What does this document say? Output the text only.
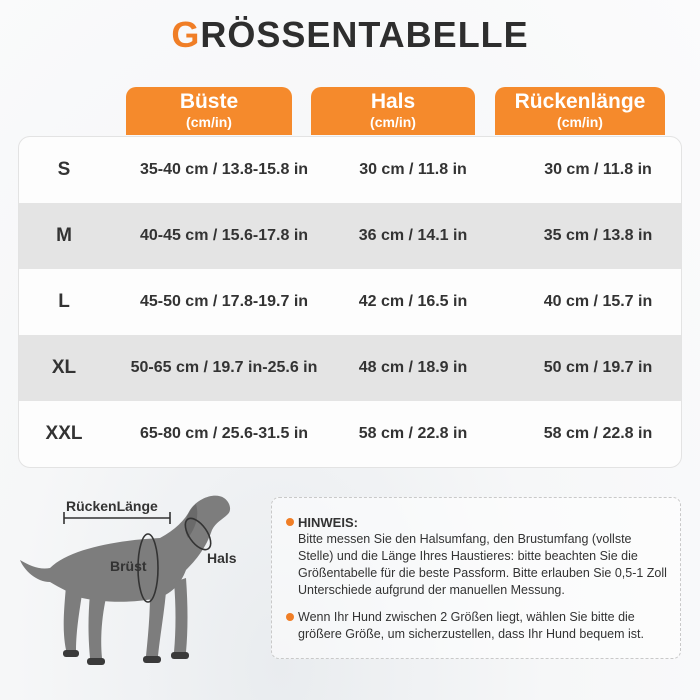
GRÖSSENTABELLE
Büste
(cm/in)
Hals
(cm/in)
Rückenlänge
(cm/in)
S	35-40 cm / 13.8-15.8 in	30 cm / 11.8 in	30 cm / 11.8 in
M	40-45 cm / 15.6-17.8 in	36 cm / 14.1 in	35 cm / 13.8 in
L	45-50 cm / 17.8-19.7 in	42 cm / 16.5 in	40 cm / 15.7 in
XL	50-65 cm / 19.7 in-25.6 in	48 cm / 18.9 in	50 cm / 19.7 in
XXL	65-80 cm / 25.6-31.5 in	58 cm / 22.8 in	58 cm / 22.8 in
RückenLänge
Brüst	Hals
HINWEIS:
Bitte messen Sie den Halsumfang, den Brustumfang (vollste Stelle) und die Länge Ihres Haustieres: bitte beachten Sie die Größentabelle für die beste Passform. Bitte erlauben Sie 0,5-1 Zoll Unterschiede aufgrund der manuellen Messung.
Wenn Ihr Hund zwischen 2 Größen liegt, wählen Sie bitte die größere Größe, um sicherzustellen, dass Ihr Hund bequem ist.
